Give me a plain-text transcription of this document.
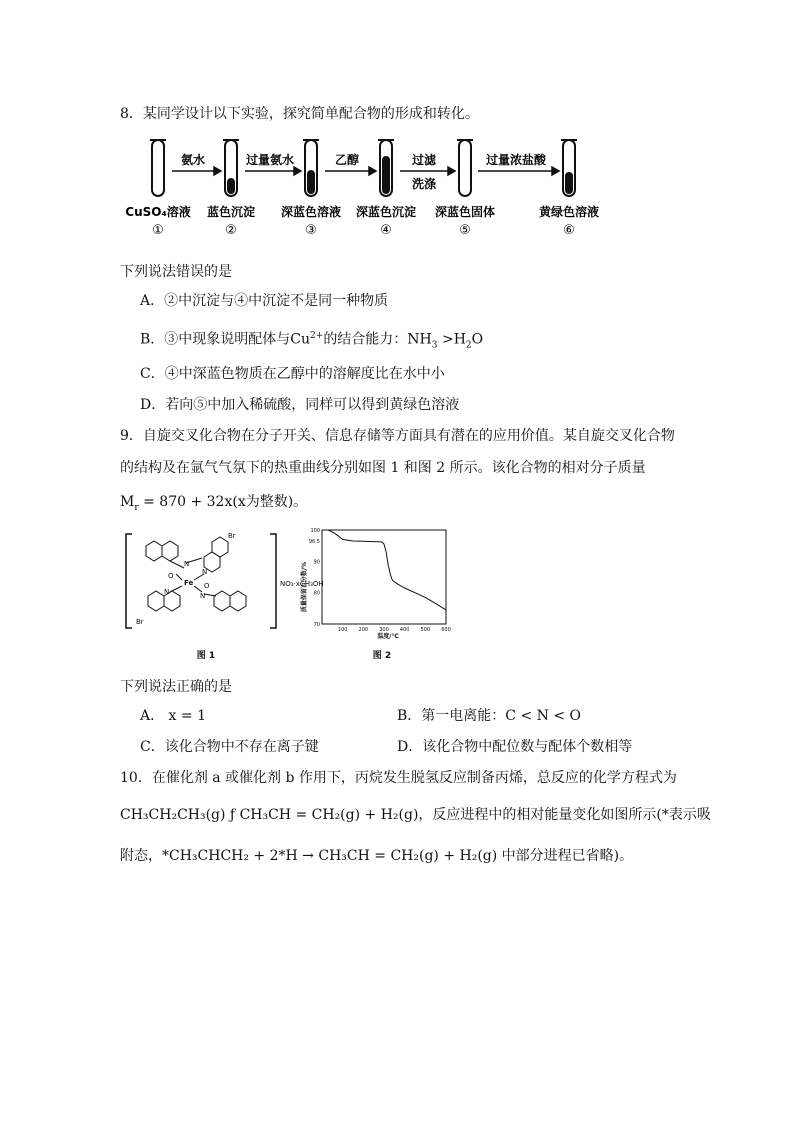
8．某同学设计以下实验，探究简单配合物的形成和转化。
氨水	过量氨水	乙醇	过滤
洗涤
过量浓盐酸
CuSO₄溶液 蓝色沉淀 深蓝色溶液 深蓝色沉淀 深蓝色固体	黄绿色溶液
①	②	③	④	⑤	⑥
下列说法错误的是
A．②中沉淀与④中沉淀不是同一种物质
B．③中现象说明配体与$Cu^{2+}$的结合能力：$NH_3 >H_2O$
C．④中深蓝色物质在乙醇中的溶解度比在水中小
D．若向⑤中加入稀硫酸，同样可以得到黄绿色溶液
9．自旋交叉化合物在分子开关、信息存储等方面具有潜在的应用价值。某自旋交叉化合物
的结构及在氩气气氛下的热重曲线分别如图 1 和图 2 所示。该化合物的相对分子质量
$M_r = 870 + 32x(x$为整数)。
Br
Br
N
N
N	N
O
O
Fe	NO₃·xCH₃OH
图 1
100 200 300 400 500 600
70
80
90
96.5
100
质量保留百分数/%
温度/℃
图 2
下列说法正确的是
A． x = 1	B．第一电离能：C < N < O
C．该化合物中不存在离子键	D．该化合物中配位数与配体个数相等
10．在催化剂 a 或催化剂 b 作用下，丙烷发生脱氢反应制备丙烯，总反应的化学方程式为
CH₃CH₂CH₃(g) ƒ CH₃CH = CH₂(g) + H₂(g)，反应进程中的相对能量变化如图所示(*表示吸
附态，*CH₃CHCH₂ + 2*H → CH₃CH = CH₂(g) + H₂(g) 中部分进程已省略)。
